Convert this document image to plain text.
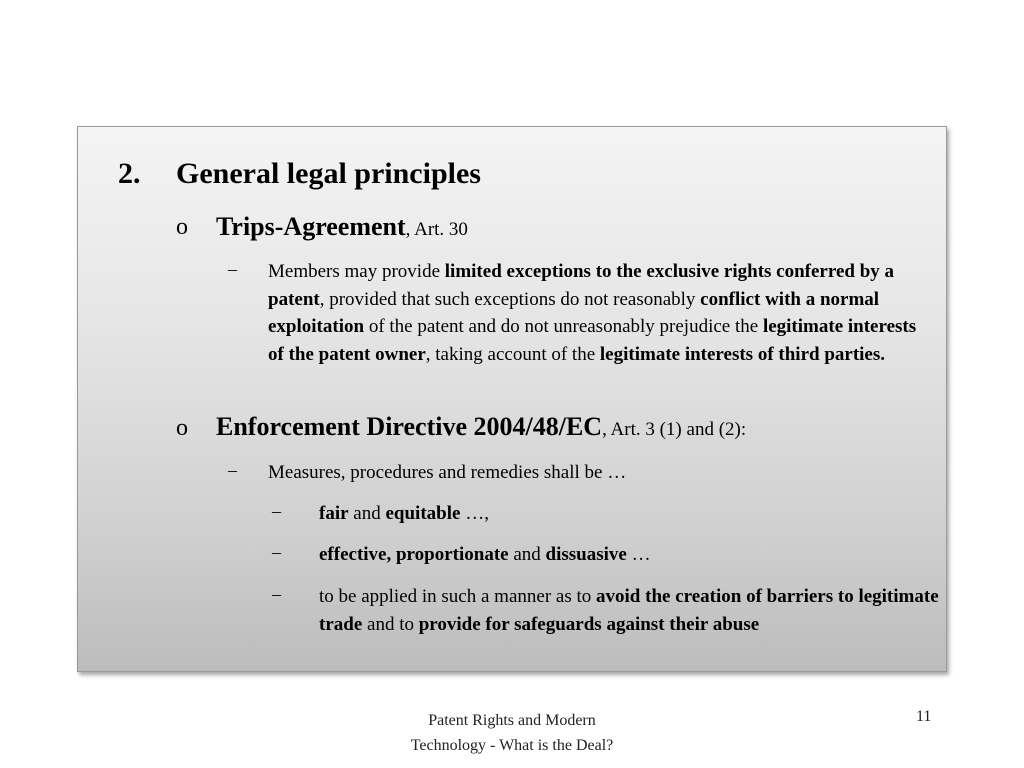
2. General legal principles
o Trips-Agreement, Art. 30
– Members may provide limited exceptions to the exclusive rights conferred by a patent, provided that such exceptions do not reasonably conflict with a normal exploitation of the patent and do not unreasonably prejudice the legitimate interests of the patent owner, taking account of the legitimate interests of third parties.
o Enforcement Directive 2004/48/EC, Art. 3 (1) and (2):
– Measures, procedures and remedies shall be …
– fair and equitable …,
– effective, proportionate and dissuasive …
– to be applied in such a manner as to avoid the creation of barriers to legitimate trade and to provide for safeguards against their abuse
Patent Rights and Modern
Technology - What is the Deal?
11
